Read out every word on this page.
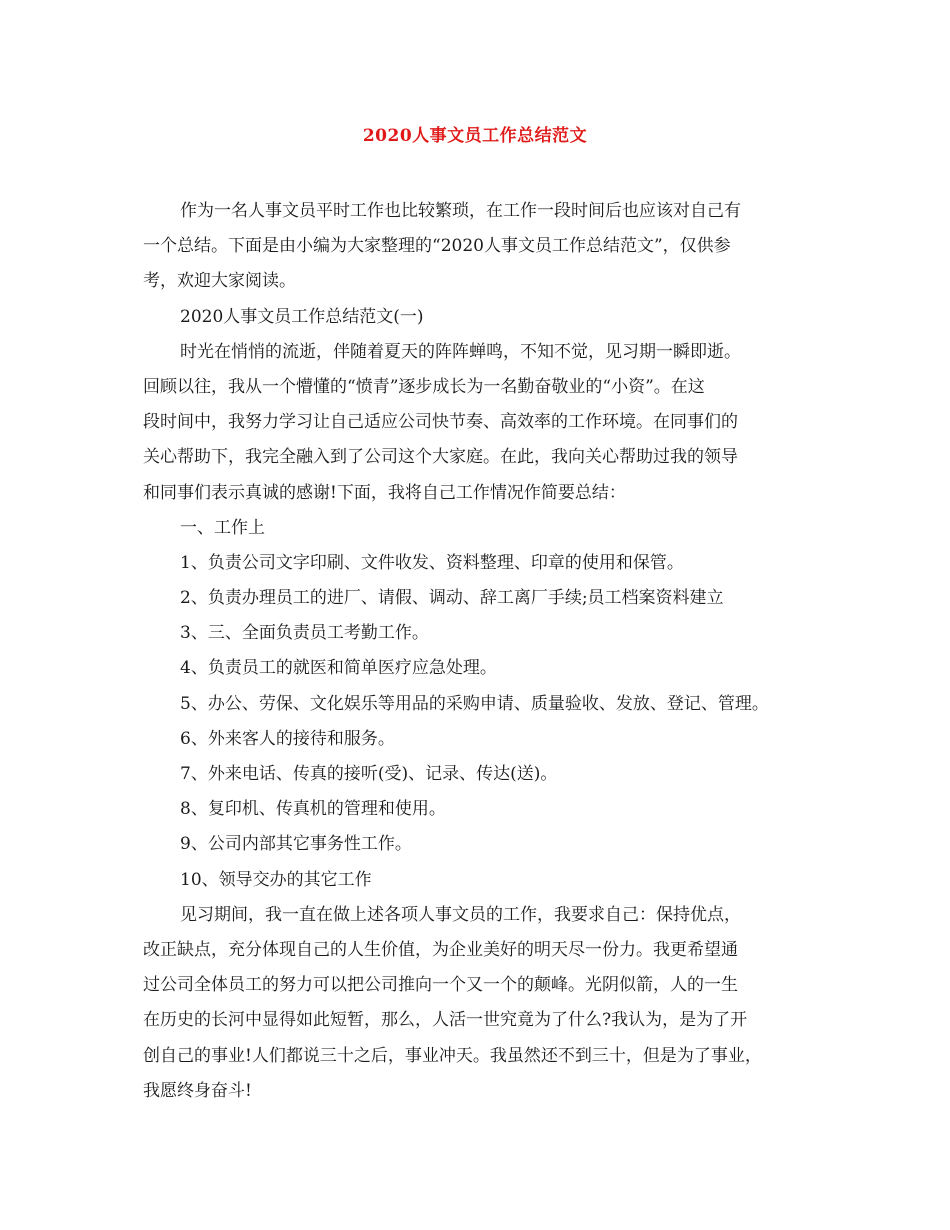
2020人事文员工作总结范文
作为一名人事文员平时工作也比较繁琐，在工作一段时间后也应该对自己有
一个总结。下面是由小编为大家整理的“2020人事文员工作总结范文”，仅供参
考，欢迎大家阅读。
2020人事文员工作总结范文(一)
时光在悄悄的流逝，伴随着夏天的阵阵蝉鸣，不知不觉，见习期一瞬即逝。
回顾以往，我从一个懵懂的“愤青”逐步成长为一名勤奋敬业的“小资”。在这
段时间中，我努力学习让自己适应公司快节奏、高效率的工作环境。在同事们的
关心帮助下，我完全融入到了公司这个大家庭。在此，我向关心帮助过我的领导
和同事们表示真诚的感谢!下面，我将自己工作情况作简要总结：
一、工作上
1、负责公司文字印刷、文件收发、资料整理、印章的使用和保管。
2、负责办理员工的进厂、请假、调动、辞工离厂手续;员工档案资料建立
3、三、全面负责员工考勤工作。
4、负责员工的就医和简单医疗应急处理。
5、办公、劳保、文化娱乐等用品的采购申请、质量验收、发放、登记、管理。
6、外来客人的接待和服务。
7、外来电话、传真的接听(受)、记录、传达(送)。
8、复印机、传真机的管理和使用。
9、公司内部其它事务性工作。
10、领导交办的其它工作
见习期间，我一直在做上述各项人事文员的工作，我要求自己：保持优点，
改正缺点，充分体现自己的人生价值，为企业美好的明天尽一份力。我更希望通
过公司全体员工的努力可以把公司推向一个又一个的颠峰。光阴似箭，人的一生
在历史的长河中显得如此短暂，那么，人活一世究竟为了什么?我认为，是为了开
创自己的事业!人们都说三十之后，事业冲天。我虽然还不到三十，但是为了事业，
我愿终身奋斗!
